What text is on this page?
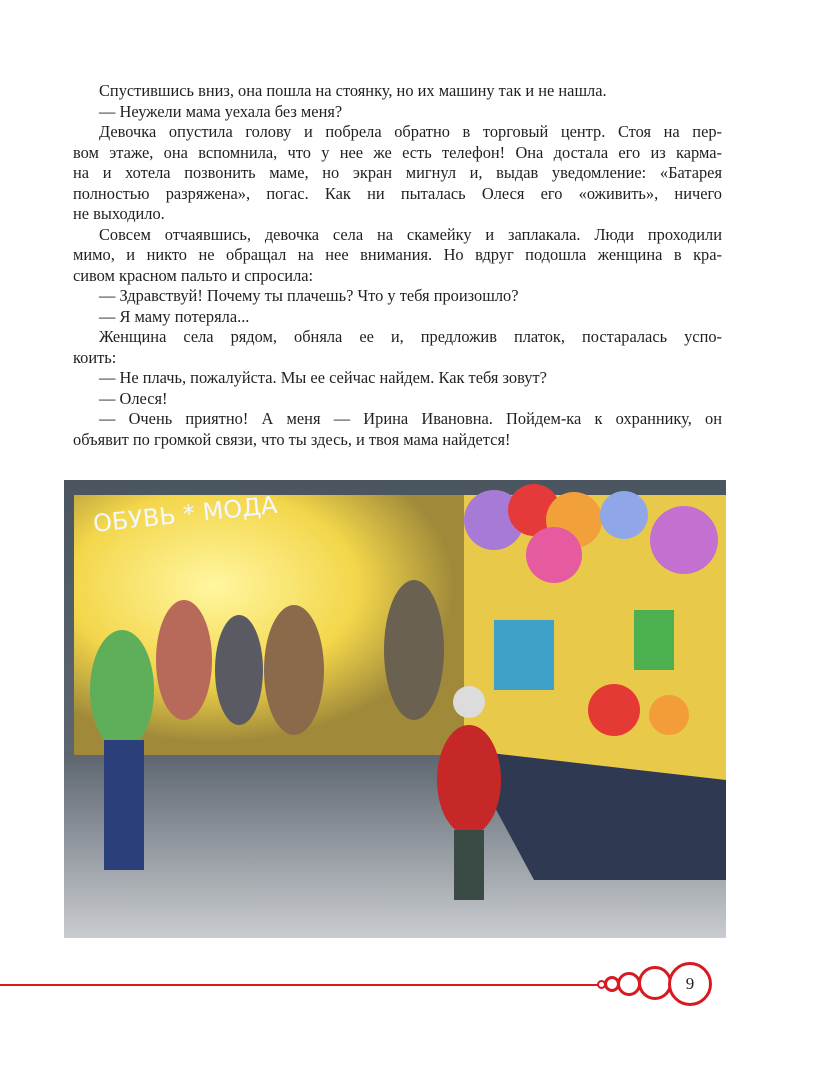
Спустившись вниз, она пошла на стоянку, но их машину так и не нашла.
— Неужели мама уехала без меня?
Девочка опустила голову и побрела обратно в торговый центр. Стоя на пер-
вом этаже, она вспомнила, что у нее же есть телефон! Она достала его из карма-
на и хотела позвонить маме, но экран мигнул и, выдав уведомление: «Батарея
полностью разряжена», погас. Как ни пыталась Олеся его «оживить», ничего
не выходило.
Совсем отчаявшись, девочка села на скамейку и заплакала. Люди проходили
мимо, и никто не обращал на нее внимания. Но вдруг подошла женщина в кра-
сивом красном пальто и спросила:
— Здравствуй! Почему ты плачешь? Что у тебя произошло?
— Я маму потеряла...
Женщина села рядом, обняла ее и, предложив платок, постаралась успо-
коить:
— Не плачь, пожалуйста. Мы ее сейчас найдем. Как тебя зовут?
— Олеся!
— Очень приятно! А меня — Ирина Ивановна. Пойдем-ка к охраннику, он
объявит по громкой связи, что ты здесь, и твоя мама найдется!
ОБУВЬ * МОДА
9
